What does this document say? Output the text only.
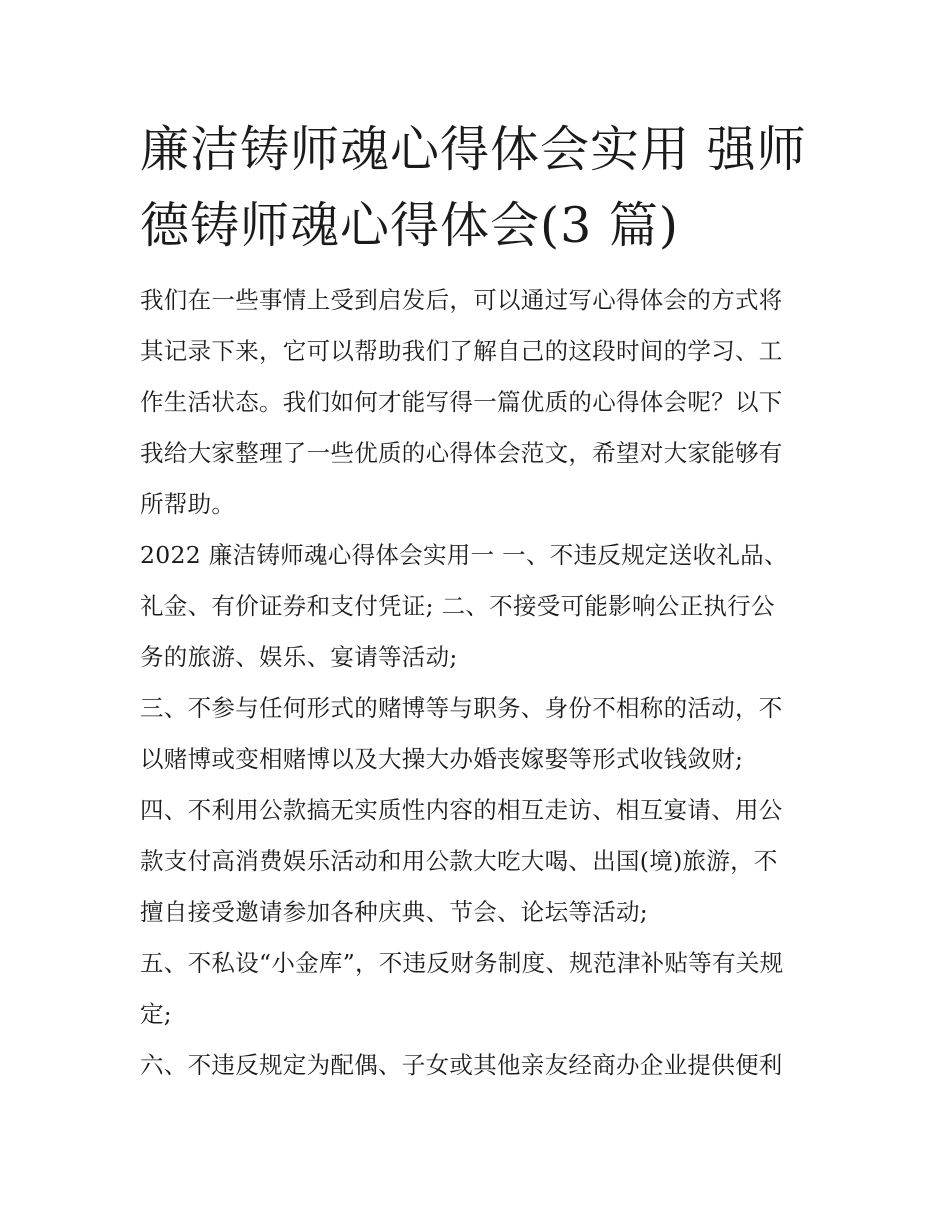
廉洁铸师魂心得体会实用 强师
德铸师魂心得体会(3 篇)
我们在一些事情上受到启发后，可以通过写心得体会的方式将
其记录下来，它可以帮助我们了解自己的这段时间的学习、工
作生活状态。我们如何才能写得一篇优质的心得体会呢？以下
我给大家整理了一些优质的心得体会范文，希望对大家能够有
所帮助。
2022 廉洁铸师魂心得体会实用一 一、不违反规定送收礼品、
礼金、有价证券和支付凭证; 二、不接受可能影响公正执行公
务的旅游、娱乐、宴请等活动;
三、不参与任何形式的赌博等与职务、身份不相称的活动，不
以赌博或变相赌博以及大操大办婚丧嫁娶等形式收钱敛财;
四、不利用公款搞无实质性内容的相互走访、相互宴请、用公
款支付高消费娱乐活动和用公款大吃大喝、出国(境)旅游，不
擅自接受邀请参加各种庆典、节会、论坛等活动;
五、不私设“小金库”，不违反财务制度、规范津补贴等有关规
定;
六、不违反规定为配偶、子女或其他亲友经商办企业提供便利
